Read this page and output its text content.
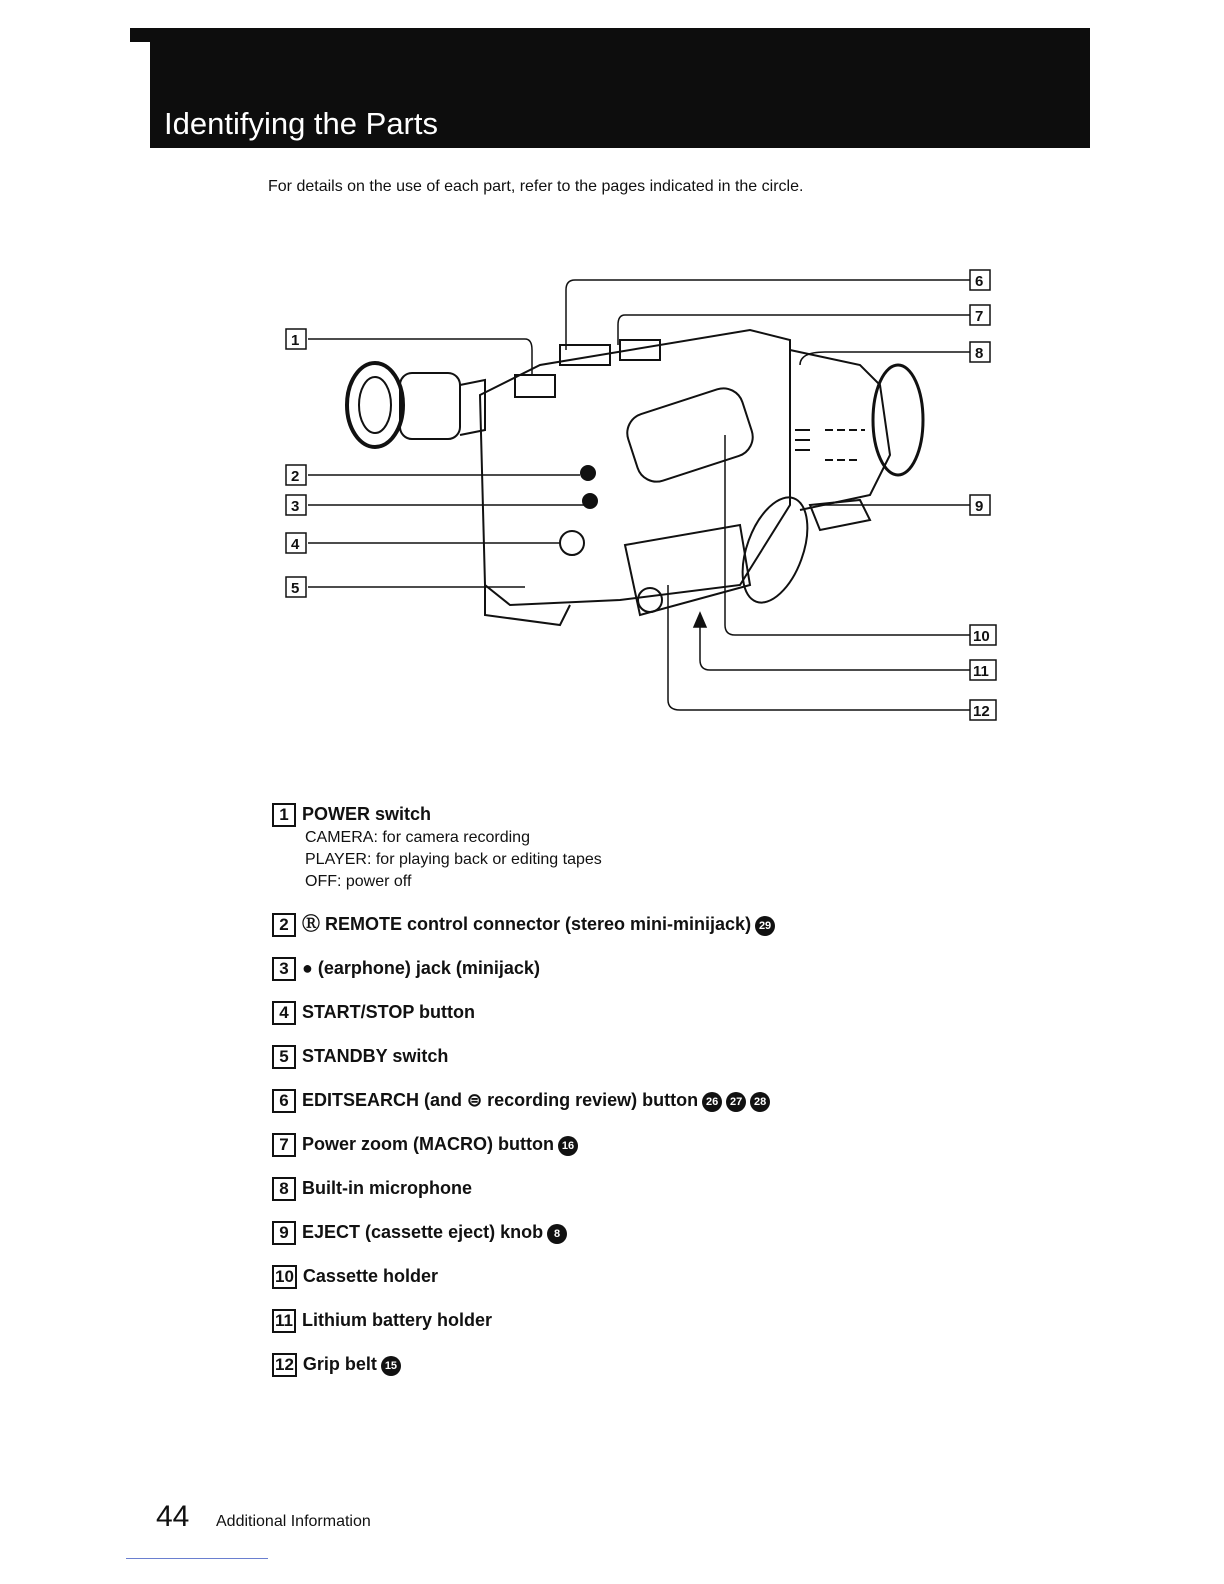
Identifying the Parts
For details on the use of each part, refer to the pages indicated in the circle.
1
2
3
4
5
6
7
8
9
10
11
12
1 POWER switch
CAMERA: for camera recording
PLAYER: for playing back or editing tapes
OFF: power off
2 Ⓡ REMOTE control connector (stereo mini-minijack) 29
3 ● (earphone) jack (minijack)
4 START/STOP button
5 STANDBY switch
6 EDITSEARCH (and ⊜ recording review) button 26 27 28
7 Power zoom (MACRO) button 16
8 Built-in microphone
9 EJECT (cassette eject) knob 8
10 Cassette holder
11 Lithium battery holder
12 Grip belt 15
44 Additional Information
